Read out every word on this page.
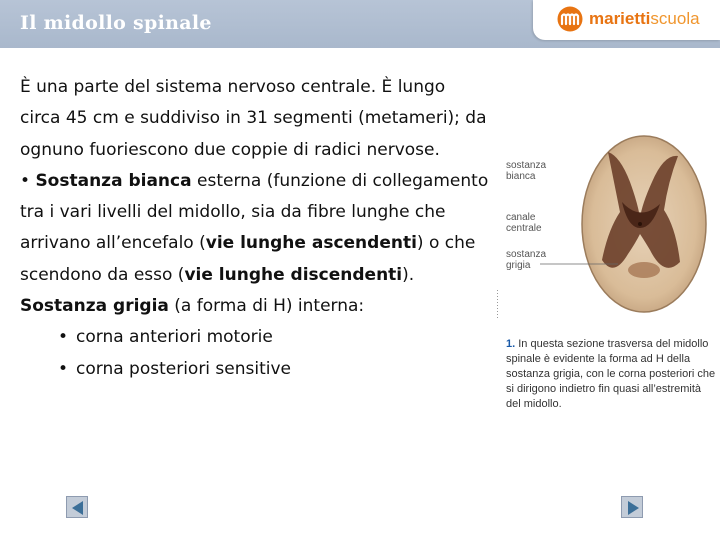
Il midollo spinale	mariettiscuola

È una parte del sistema nervoso centrale. È lungo circa 45 cm e suddiviso in 31 segmenti (metameri); da ognuno fuoriescono due coppie di radici nervose.

• Sostanza bianca esterna (funzione di collegamento tra i vari livelli del midollo, sia da fibre lunghe che arrivano all’encefalo (vie lunghe ascendenti) o che scendono da esso (vie lunghe discendenti).

Sostanza grigia (a forma di H) interna:

• corna anteriori motorie
• corna posteriori sensitive
sostanza
bianca
canale
centrale
sostanza
grigia
1. In questa sezione trasversa del midollo spinale è evidente la forma ad H della sostanza grigia, con le corna posteriori che si dirigono indietro fin quasi all’estremità del midollo.
